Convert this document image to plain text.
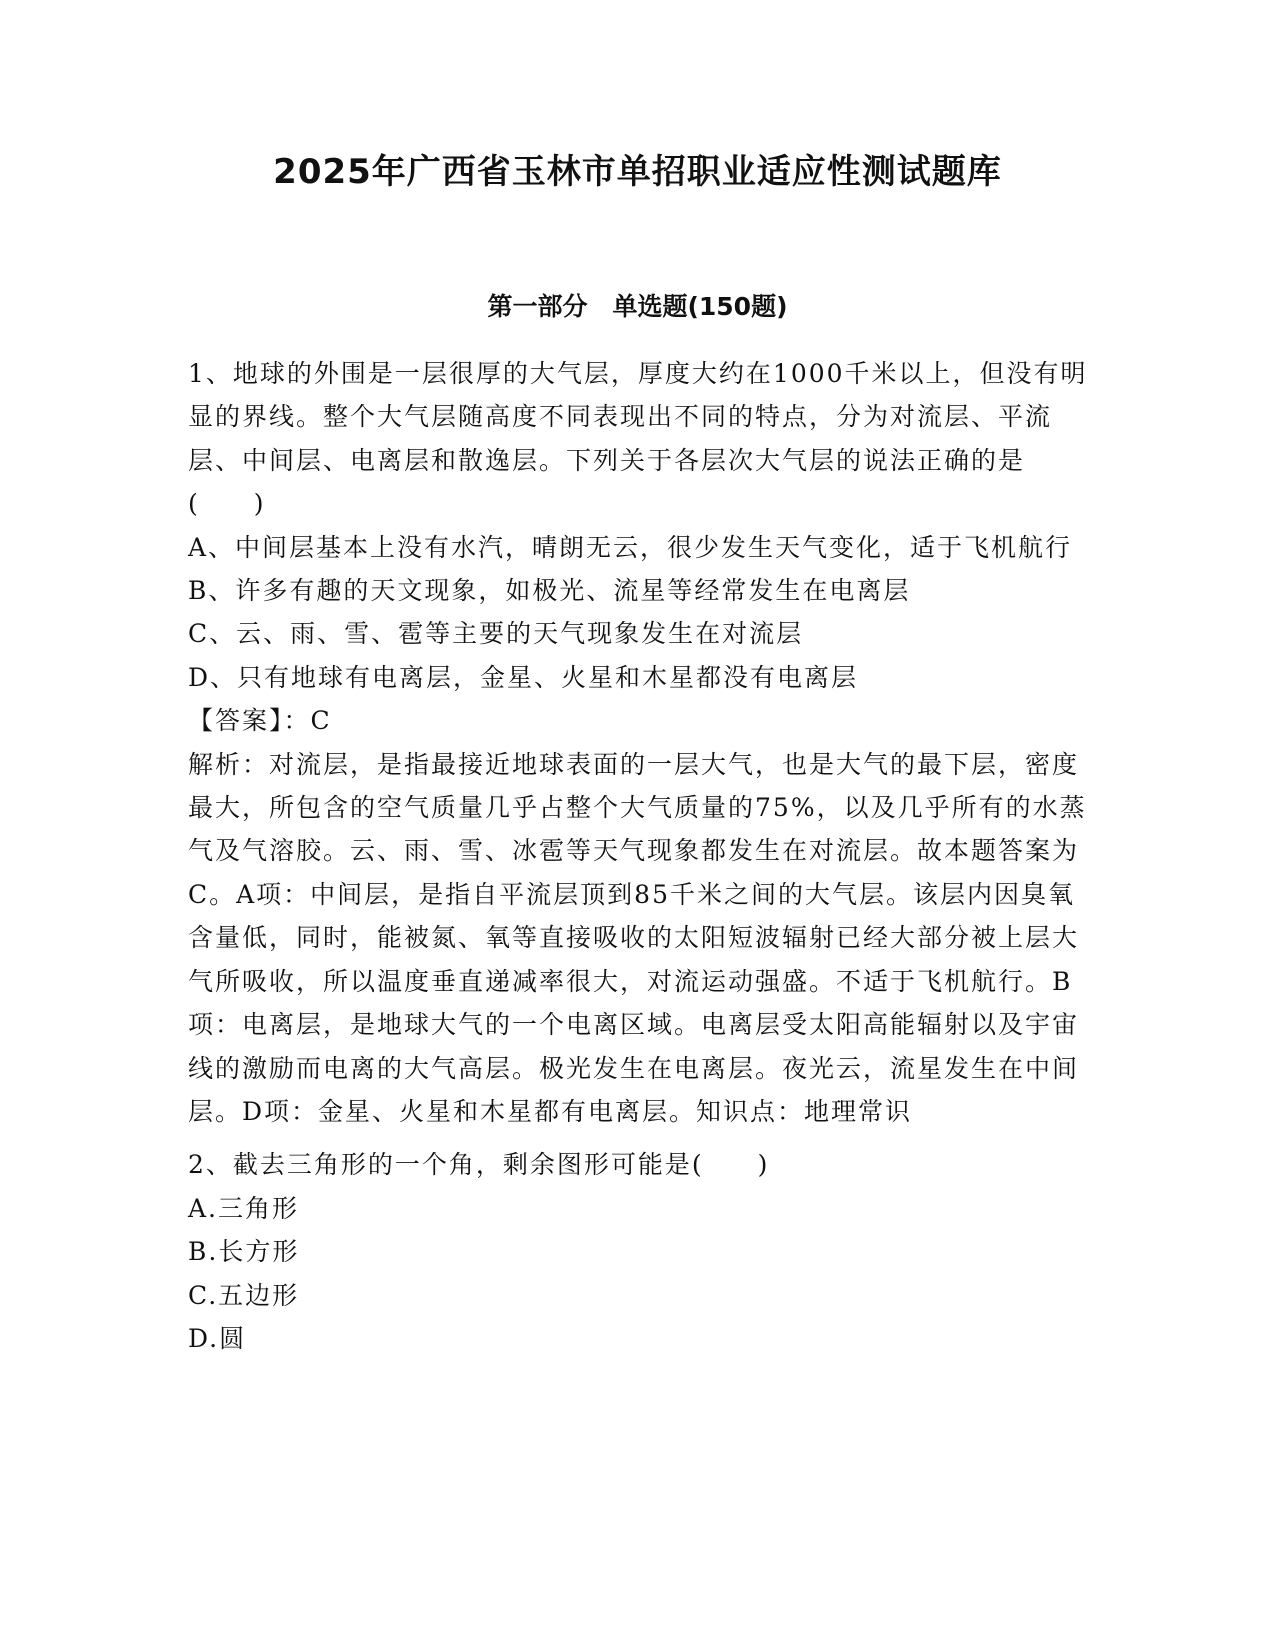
2025年广西省玉林市单招职业适应性测试题库
第一部分　单选题(150题)

1、地球的外围是一层很厚的大气层，厚度大约在1000千米以上，但没有明显的界线。整个大气层随高度不同表现出不同的特点，分为对流层、平流层、中间层、电离层和散逸层。下列关于各层次大气层的说法正确的是(　　)

A、中间层基本上没有水汽，晴朗无云，很少发生天气变化，适于飞机航行

B、许多有趣的天文现象，如极光、流星等经常发生在电离层

C、云、雨、雪、雹等主要的天气现象发生在对流层

D、只有地球有电离层，金星、火星和木星都没有电离层

【答案】：C

解析：对流层，是指最接近地球表面的一层大气，也是大气的最下层，密度最大，所包含的空气质量几乎占整个大气质量的75%，以及几乎所有的水蒸气及气溶胶。云、雨、雪、冰雹等天气现象都发生在对流层。故本题答案为C。A项：中间层，是指自平流层顶到85千米之间的大气层。该层内因臭氧含量低，同时，能被氮、氧等直接吸收的太阳短波辐射已经大部分被上层大气所吸收，所以温度垂直递减率很大，对流运动强盛。不适于飞机航行。B项：电离层，是地球大气的一个电离区域。电离层受太阳高能辐射以及宇宙线的激励而电离的大气高层。极光发生在电离层。夜光云，流星发生在中间层。D项：金星、火星和木星都有电离层。知识点：地理常识

2、截去三角形的一个角，剩余图形可能是(　　)

A.三角形

B.长方形

C.五边形

D.圆
